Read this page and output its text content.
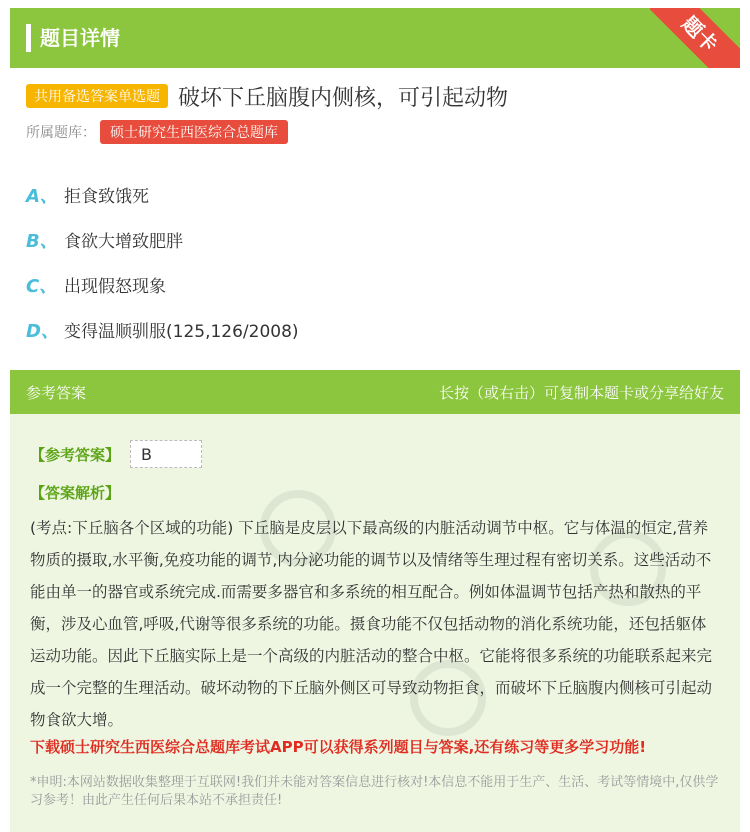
题目详情	题卡
共用备选答案单选题 破坏下丘脑腹内侧核，可引起动物
所属题库：	硕士研究生西医综合总题库
A、 拒食致饿死
B、 食欲大增致肥胖
C、 出现假怒现象
D、 变得温顺驯服(125,126/2008)
参考答案	长按（或右击）可复制本题卡或分享给好友
【参考答案】	B
【答案解析】
(考点:下丘脑各个区域的功能) 下丘脑是皮层以下最高级的内脏活动调节中枢。它与体温的恒定,营养物质的摄取,水平衡,免疫功能的调节,内分泌功能的调节以及情绪等生理过程有密切关系。这些活动不能由单一的器官或系统完成.而需要多器官和多系统的相互配合。例如体温调节包括产热和散热的平衡，涉及心血管,呼吸,代谢等很多系统的功能。摄食功能不仅包括动物的消化系统功能，还包括躯体运动功能。因此下丘脑实际上是一个高级的内脏活动的整合中枢。它能将很多系统的功能联系起来完成一个完整的生理活动。破坏动物的下丘脑外侧区可导致动物拒食，而破坏下丘脑腹内侧核可引起动物食欲大增。
下载硕士研究生西医综合总题库考试APP可以获得系列题目与答案,还有练习等更多学习功能!
*申明:本网站数据收集整理于互联网!我们并未能对答案信息进行核对!本信息不能用于生产、生活、考试等情境中,仅供学习参考！由此产生任何后果本站不承担责任!
